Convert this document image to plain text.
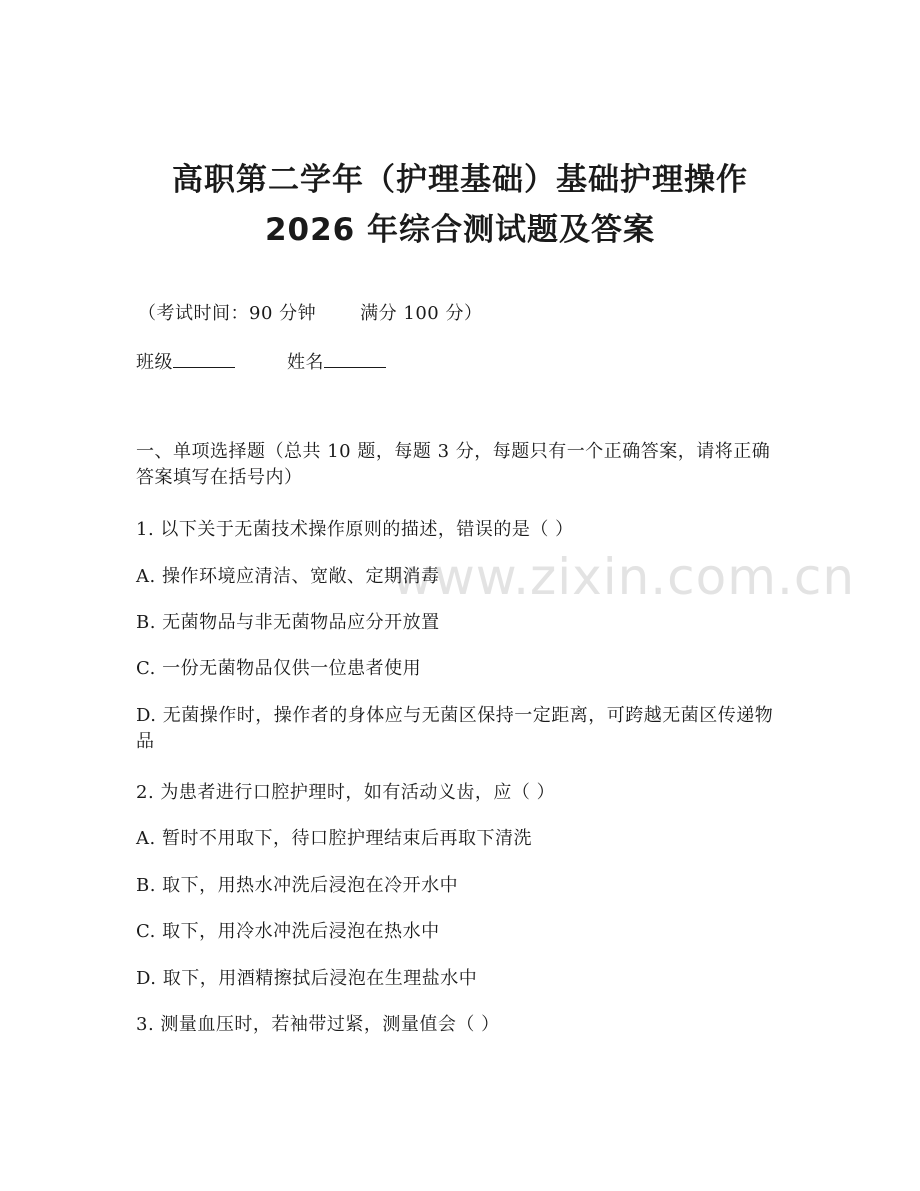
高职第二学年（护理基础）基础护理操作
2026 年综合测试题及答案
（考试时间：90 分钟 满分 100 分）
班级	姓名
www.zixin.com.cn
一、单项选择题（总共 10 题，每题 3 分，每题只有一个正确答案，请将正确答案填写在括号内）
1. 以下关于无菌技术操作原则的描述，错误的是（ ）
A. 操作环境应清洁、宽敞、定期消毒
B. 无菌物品与非无菌物品应分开放置
C. 一份无菌物品仅供一位患者使用
D. 无菌操作时，操作者的身体应与无菌区保持一定距离，可跨越无菌区传递物品
2. 为患者进行口腔护理时，如有活动义齿，应（ ）
A. 暂时不用取下，待口腔护理结束后再取下清洗
B. 取下，用热水冲洗后浸泡在冷开水中
C. 取下，用冷水冲洗后浸泡在热水中
D. 取下，用酒精擦拭后浸泡在生理盐水中
3. 测量血压时，若袖带过紧，测量值会（ ）
